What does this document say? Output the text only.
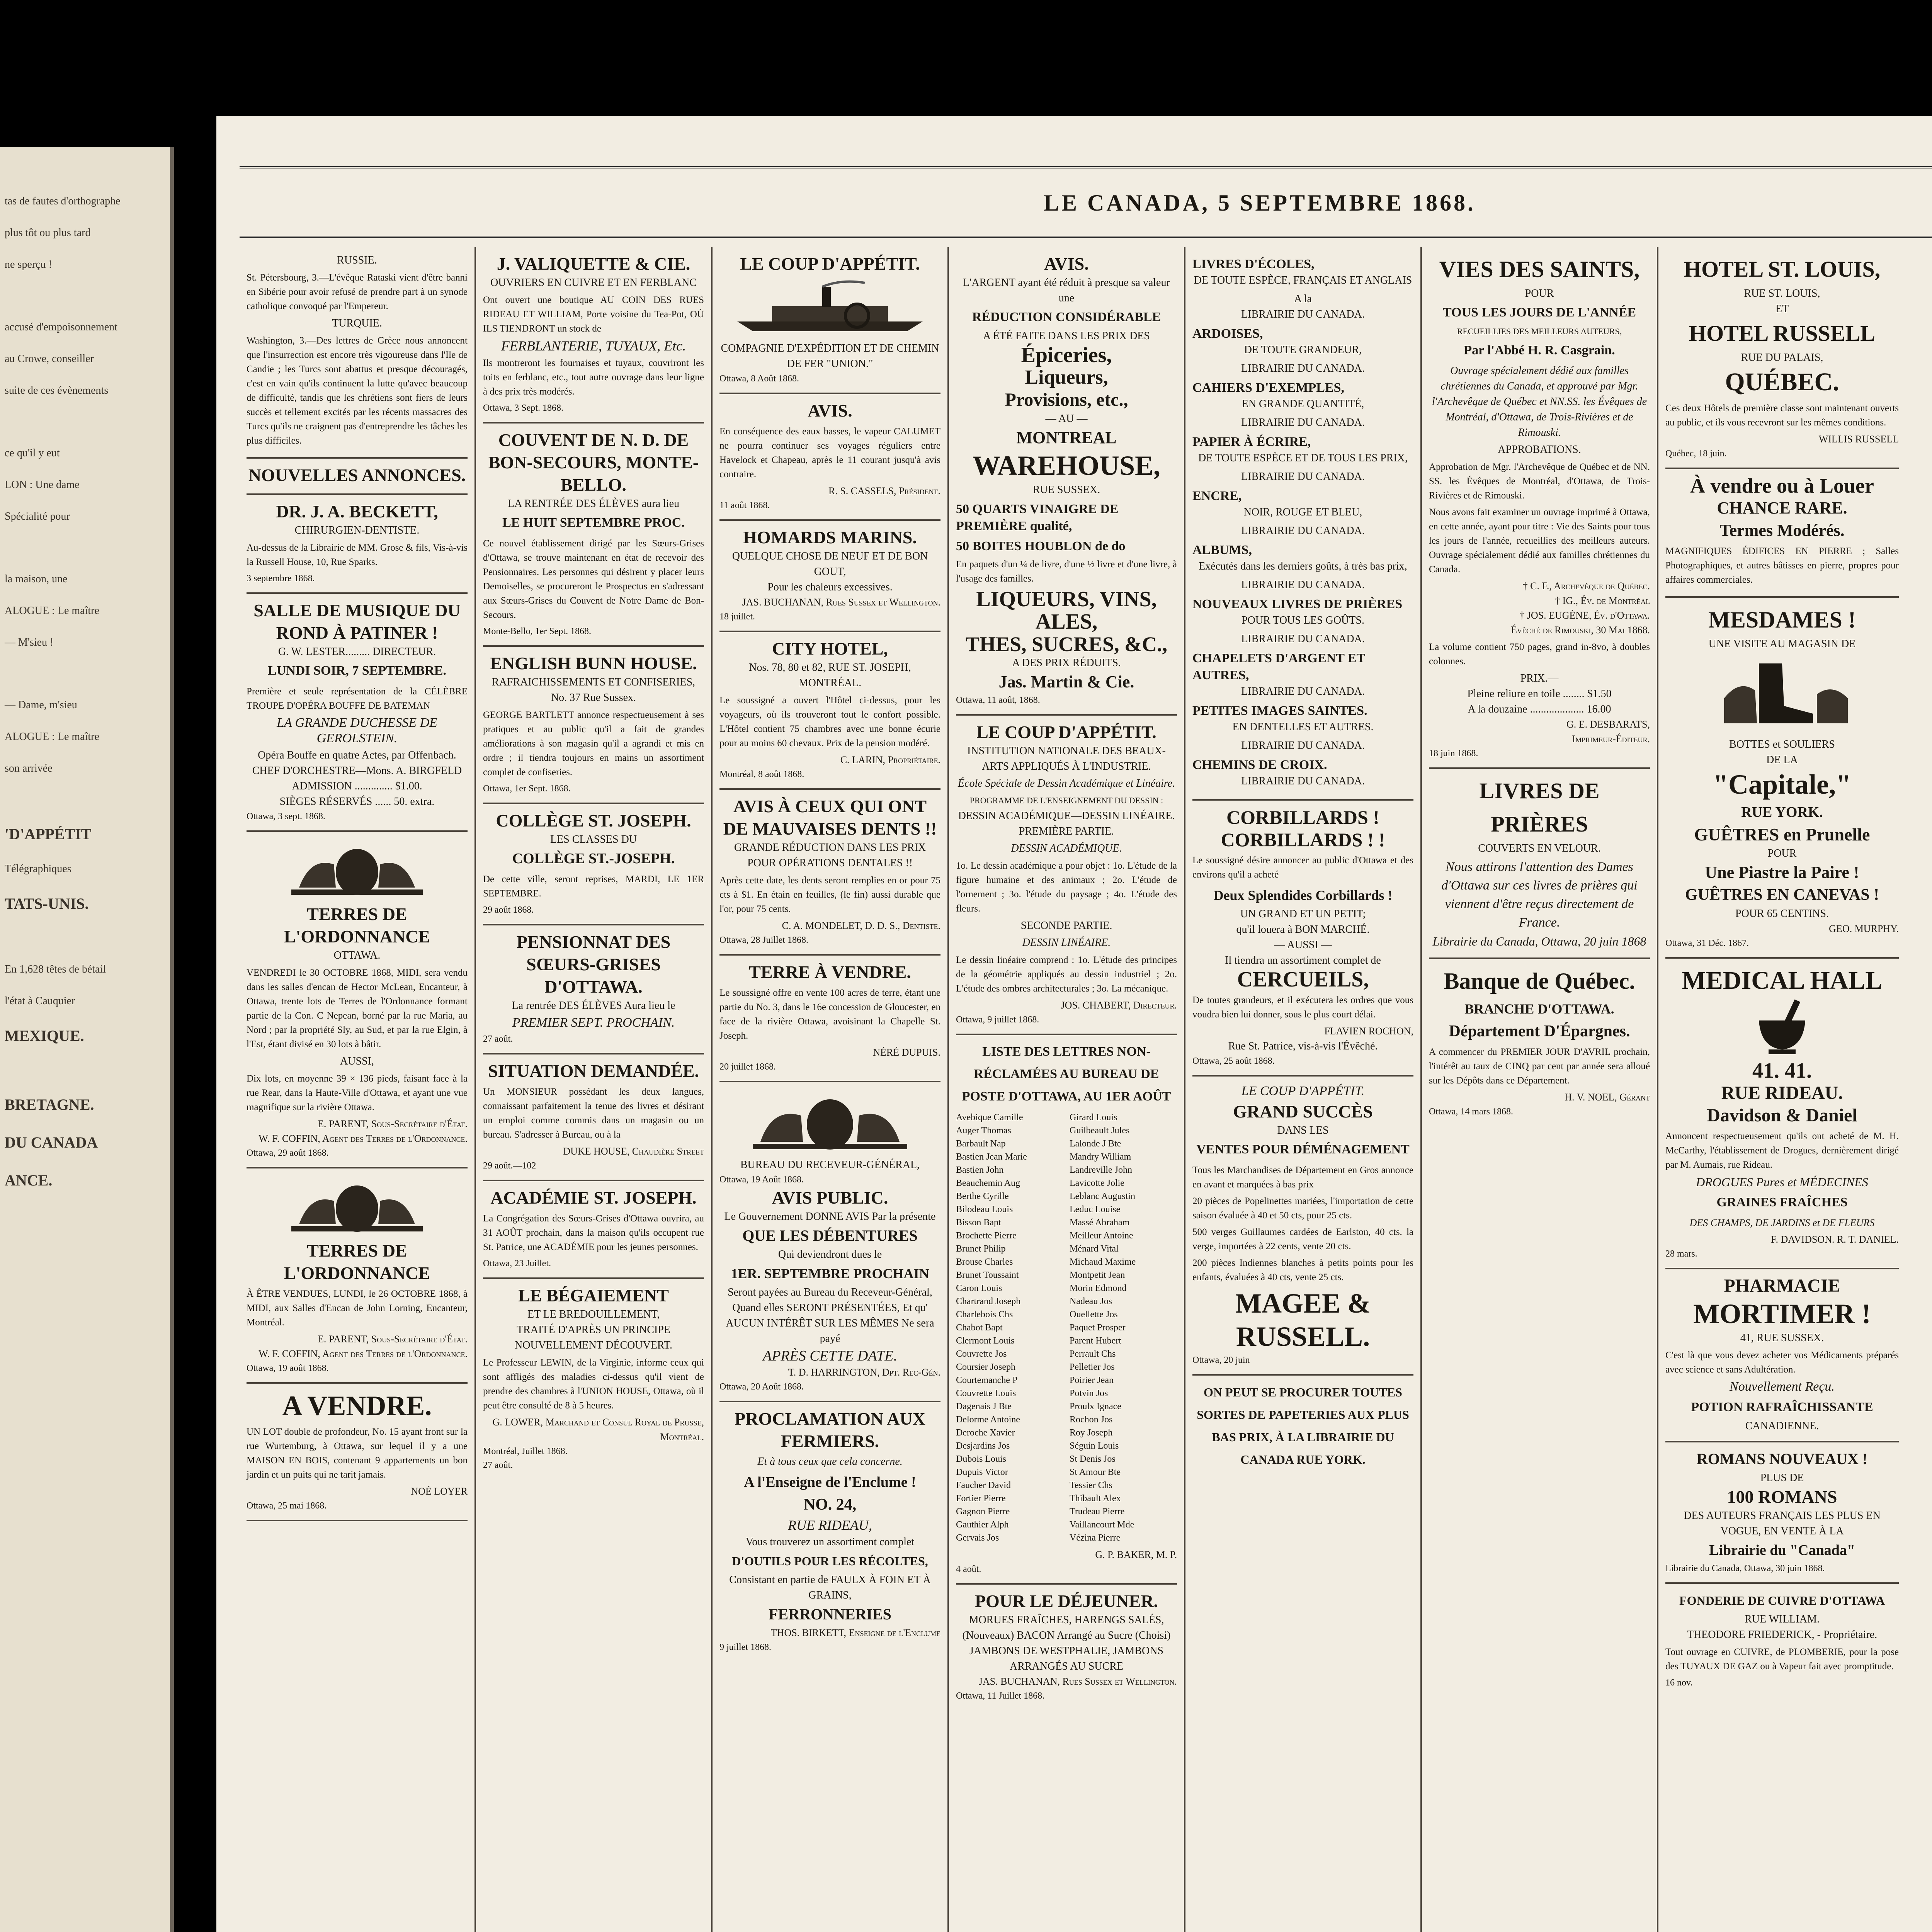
tas de fautes d'orthographe
plus tôt ou plus tard
ne sperçu !
accusé d'empoisonnement
au Crowe, conseiller
suite de ces évènements
ce qu'il y eut
LON : Une dame
Spécialité pour
la maison, une
ALOGUE : Le maître
— M'sieu !
— Dame, m'sieu
ALOGUE : Le maître
son arrivée
'D'APPÉTIT
Télégraphiques
TATS-UNIS.
En 1,628 têtes de bétail
l'état à Cauquier
MEXIQUE.
BRETAGNE.
DU CANADA
ANCE.
LE CANADA, 5 SEPTEMBRE 1868.
RUSSIE.
St. Pétersbourg, 3.—L'évêque Rataski vient d'être banni en Sibérie pour avoir refusé de prendre part à un synode catholique convoqué par l'Empereur.
TURQUIE.
Washington, 3.—Des lettres de Grèce nous annoncent que l'insurrection est encore très vigoureuse dans l'Ile de Candie ; les Turcs sont abattus et presque découragés, c'est en vain qu'ils continuent la lutte qu'avec beaucoup de difficulté, tandis que les chrétiens sont fiers de leurs succès et tellement excités par les récents massacres des Turcs qu'ils ne craignent pas d'entreprendre les tâches les plus difficiles.
NOUVELLES ANNONCES.
DR. J. A. BECKETT,
CHIRURGIEN-DENTISTE.
Au-dessus de la Librairie de MM. Grose & fils, Vis-à-vis la Russell House, 10, Rue Sparks.
3 septembre 1868.
SALLE DE MUSIQUE DU ROND À PATINER !
G. W. LESTER......... DIRECTEUR.
LUNDI SOIR, 7 SEPTEMBRE.
Première et seule représentation de la CÉLÈBRE TROUPE D'OPÉRA BOUFFE DE BATEMAN
LA GRANDE DUCHESSE DE GEROLSTEIN.
Opéra Bouffe en quatre Actes, par Offenbach.
CHEF D'ORCHESTRE—Mons. A. BIRGFELD
ADMISSION .............. $1.00.
SIÈGES RÉSERVÉS ...... 50. extra.
Ottawa, 3 sept. 1868.
TERRES DE L'ORDONNANCE
OTTAWA.
VENDREDI le 30 OCTOBRE 1868, MIDI, sera vendu dans les salles d'encan de Hector McLean, Encanteur, à Ottawa, trente lots de Terres de l'Ordonnance formant partie de la Con. C Nepean, borné par la rue Maria, au Nord ; par la propriété Sly, au Sud, et par la rue Elgin, à l'Est, étant divisé en 30 lots à bâtir.
AUSSI,
Dix lots, en moyenne 39 × 136 pieds, faisant face à la rue Rear, dans la Haute-Ville d'Ottawa, et ayant une vue magnifique sur la rivière Ottawa.
E. PARENT, Sous-Secrétaire d'État.
W. F. COFFIN, Agent des Terres de l'Ordonnance.
Ottawa, 29 août 1868.
TERRES DE L'ORDONNANCE
À ÊTRE VENDUES, LUNDI, le 26 OCTOBRE 1868, à MIDI, aux Salles d'Encan de John Lorning, Encanteur, Montréal.
E. PARENT, Sous-Secrétaire d'État.
W. F. COFFIN, Agent des Terres de l'Ordonnance.
Ottawa, 19 août 1868.
A VENDRE.
UN LOT double de profondeur, No. 15 ayant front sur la rue Wurtemburg, à Ottawa, sur lequel il y a une MAISON EN BOIS, contenant 9 appartements un bon jardin et un puits qui ne tarit jamais.
NOÉ LOYER
Ottawa, 25 mai 1868.
J. VALIQUETTE & CIE.
OUVRIERS EN CUIVRE ET EN FERBLANC
Ont ouvert une boutique AU COIN DES RUES RIDEAU ET WILLIAM, Porte voisine du Tea-Pot, OÙ ILS TIENDRONT un stock de
FERBLANTERIE, TUYAUX, Etc.
Ils montreront les fournaises et tuyaux, couvriront les toits en ferblanc, etc., tout autre ouvrage dans leur ligne à des prix très modérés.
Ottawa, 3 Sept. 1868.
COUVENT DE N. D. DE BON-SECOURS, MONTE-BELLO.
LA RENTRÉE DES ÉLÈVES aura lieu
LE HUIT SEPTEMBRE PROC.
Ce nouvel établissement dirigé par les Sœurs-Grises d'Ottawa, se trouve maintenant en état de recevoir des Pensionnaires. Les personnes qui désirent y placer leurs Demoiselles, se procureront le Prospectus en s'adressant aux Sœurs-Grises du Couvent de Notre Dame de Bon-Secours.
Monte-Bello, 1er Sept. 1868.
ENGLISH BUNN HOUSE.
RAFRAICHISSEMENTS ET CONFISERIES, No. 37 Rue Sussex.
GEORGE BARTLETT annonce respectueusement à ses pratiques et au public qu'il a fait de grandes améliorations à son magasin qu'il a agrandi et mis en ordre ; il tiendra toujours en mains un assortiment complet de confiseries.
Ottawa, 1er Sept. 1868.
COLLÈGE ST. JOSEPH.
LES CLASSES DU
COLLÈGE ST.-JOSEPH.
De cette ville, seront reprises, MARDI, LE 1ER SEPTEMBRE.
29 août 1868.
PENSIONNAT DES SŒURS-GRISES D'OTTAWA.
La rentrée DES ÉLÈVES Aura lieu le
PREMIER SEPT. PROCHAIN.
27 août.
SITUATION DEMANDÉE.
Un MONSIEUR possédant les deux langues, connaissant parfaitement la tenue des livres et désirant un emploi comme commis dans un magasin ou un bureau. S'adresser à Bureau, ou à la
DUKE HOUSE, Chaudière Street
29 août.—102
ACADÉMIE ST. JOSEPH.
La Congrégation des Sœurs-Grises d'Ottawa ouvrira, au 31 AOÛT prochain, dans la maison qu'ils occupent rue St. Patrice, une ACADÉMIE pour les jeunes personnes.
Ottawa, 23 Juillet.
LE BÉGAIEMENT
ET LE BREDOUILLEMENT,
TRAITÉ D'APRÈS UN PRINCIPE NOUVELLEMENT DÉCOUVERT.
Le Professeur LEWIN, de la Virginie, informe ceux qui sont affligés des maladies ci-dessus qu'il vient de prendre des chambres à l'UNION HOUSE, Ottawa, où il peut être consulté de 8 à 5 heures.
G. LOWER, Marchand et Consul Royal de Prusse, Montréal.
Montréal, Juillet 1868.
27 août.
LE COUP D'APPÉTIT.
COMPAGNIE D'EXPÉDITION ET DE CHEMIN DE FER "UNION."
Ottawa, 8 Août 1868.
AVIS.
En conséquence des eaux basses, le vapeur CALUMET ne pourra continuer ses voyages réguliers entre Havelock et Chapeau, après le 11 courant jusqu'à avis contraire.
R. S. CASSELS, Président.
11 août 1868.
HOMARDS MARINS.
QUELQUE CHOSE DE NEUF ET DE BON GOUT,
Pour les chaleurs excessives.
JAS. BUCHANAN, Rues Sussex et Wellington.
18 juillet.
CITY HOTEL,
Nos. 78, 80 et 82, RUE ST. JOSEPH, MONTRÉAL.
Le soussigné a ouvert l'Hôtel ci-dessus, pour les voyageurs, où ils trouveront tout le confort possible. L'Hôtel contient 75 chambres avec une bonne écurie pour au moins 60 chevaux. Prix de la pension modéré.
C. LARIN, Propriétaire.
Montréal, 8 août 1868.
AVIS À CEUX QUI ONT DE MAUVAISES DENTS !!
GRANDE RÉDUCTION DANS LES PRIX POUR OPÉRATIONS DENTALES !!
Après cette date, les dents seront remplies en or pour 75 cts à $1. En étain en feuilles, (le fin) aussi durable que l'or, pour 75 cents.
C. A. MONDELET, D. D. S., Dentiste.
Ottawa, 28 Juillet 1868.
TERRE À VENDRE.
Le soussigné offre en vente 100 acres de terre, étant une partie du No. 3, dans le 16e concession de Gloucester, en face de la rivière Ottawa, avoisinant la Chapelle St. Joseph.
NÉRÉ DUPUIS.
20 juillet 1868.
BUREAU DU RECEVEUR-GÉNÉRAL,
Ottawa, 19 Août 1868.
AVIS PUBLIC.
Le Gouvernement DONNE AVIS Par la présente
QUE LES DÉBENTURES
Qui deviendront dues le
1ER. SEPTEMBRE PROCHAIN
Seront payées au Bureau du Receveur-Général, Quand elles SERONT PRÉSENTÉES, Et qu' AUCUN INTÉRÊT SUR LES MÊMES Ne sera payé
APRÈS CETTE DATE.
T. D. HARRINGTON, Dpt. Rec-Gén.
Ottawa, 20 Août 1868.
PROCLAMATION AUX FERMIERS.
Et à tous ceux que cela concerne.
A l'Enseigne de l'Enclume !
NO. 24,
RUE RIDEAU,
Vous trouverez un assortiment complet
D'OUTILS POUR LES RÉCOLTES,
Consistant en partie de FAULX À FOIN ET À GRAINS,
FERRONNERIES
THOS. BIRKETT, Enseigne de l'Enclume
9 juillet 1868.
AVIS.
L'ARGENT ayant été réduit à presque sa valeur une
RÉDUCTION CONSIDÉRABLE
A ÉTÉ FAITE DANS LES PRIX DES
Épiceries,
Liqueurs,
Provisions, etc.,
— AU —
MONTREAL
WAREHOUSE,
RUE SUSSEX.
50 QUARTS VINAIGRE DE PREMIÈRE qualité,
50 BOITES HOUBLON de do
En paquets d'un ¼ de livre, d'une ½ livre et d'une livre, à l'usage des familles.
LIQUEURS, VINS,
ALES,
THES, SUCRES, &C.,
A DES PRIX RÉDUITS.
Jas. Martin & Cie.
Ottawa, 11 août, 1868.
LE COUP D'APPÉTIT.
INSTITUTION NATIONALE DES BEAUX-ARTS APPLIQUÉS À L'INDUSTRIE.
École Spéciale de Dessin Académique et Linéaire.
PROGRAMME DE L'ENSEIGNEMENT DU DESSIN :
DESSIN ACADÉMIQUE—DESSIN LINÉAIRE.
PREMIÈRE PARTIE.
DESSIN ACADÉMIQUE.
1o. Le dessin académique a pour objet : 1o. L'étude de la figure humaine et des animaux ; 2o. L'étude de l'ornement ; 3o. l'étude du paysage ; 4o. L'étude des fleurs.
SECONDE PARTIE.
DESSIN LINÉAIRE.
Le dessin linéaire comprend : 1o. L'étude des principes de la géométrie appliqués au dessin industriel ; 2o. L'étude des ombres architecturales ; 3o. La mécanique.
JOS. CHABERT, Directeur.
Ottawa, 9 juillet 1868.
LISTE DES LETTRES NON-RÉCLAMÉES AU BUREAU DE POSTE D'OTTAWA, AU 1ER AOÛT
Avebique Camille
Auger Thomas
Barbault Nap
Bastien Jean Marie
Bastien John
Beauchemin Aug
Berthe Cyrille
Bilodeau Louis
Bisson Bapt
Brochette Pierre
Brunet Philip
Brouse Charles
Brunet Toussaint
Caron Louis
Chartrand Joseph
Charlebois Chs
Chabot Bapt
Clermont Louis
Couvrette Jos
Coursier Joseph
Courtemanche P
Couvrette Louis
Dagenais J Bte
Delorme Antoine
Deroche Xavier
Desjardins Jos
Dubois Louis
Dupuis Victor
Faucher David
Fortier Pierre
Gagnon Pierre
Gauthier Alph
Gervais Jos
Girard Louis
Guilbeault Jules
Lalonde J Bte
Mandry William
Landreville John
Lavicotte Jolie
Leblanc Augustin
Leduc Louise
Massé Abraham
Meilleur Antoine
Ménard Vital
Michaud Maxime
Montpetit Jean
Morin Edmond
Nadeau Jos
Ouellette Jos
Paquet Prosper
Parent Hubert
Perrault Chs
Pelletier Jos
Poirier Jean
Potvin Jos
Proulx Ignace
Rochon Jos
Roy Joseph
Séguin Louis
St Denis Jos
St Amour Bte
Tessier Chs
Thibault Alex
Trudeau Pierre
Vaillancourt Mde
Vézina Pierre
G. P. BAKER, M. P.
4 août.
POUR LE DÉJEUNER.
MORUES FRAÎCHES, HARENGS SALÉS, (Nouveaux) BACON Arrangé au Sucre (Choisi) JAMBONS DE WESTPHALIE, JAMBONS ARRANGÉS AU SUCRE
JAS. BUCHANAN, Rues Sussex et Wellington.
Ottawa, 11 Juillet 1868.
LIVRES D'ÉCOLES,
DE TOUTE ESPÈCE, FRANÇAIS ET ANGLAIS
A la
LIBRAIRIE DU CANADA.
ARDOISES,
DE TOUTE GRANDEUR,
LIBRAIRIE DU CANADA.
CAHIERS D'EXEMPLES,
EN GRANDE QUANTITÉ,
LIBRAIRIE DU CANADA.
PAPIER À ÉCRIRE,
DE TOUTE ESPÈCE ET DE TOUS LES PRIX,
LIBRAIRIE DU CANADA.
ENCRE,
NOIR, ROUGE ET BLEU,
LIBRAIRIE DU CANADA.
ALBUMS,
Exécutés dans les derniers goûts, à très bas prix,
LIBRAIRIE DU CANADA.
NOUVEAUX LIVRES DE PRIÈRES
POUR TOUS LES GOÛTS.
LIBRAIRIE DU CANADA.
CHAPELETS D'ARGENT ET AUTRES,
LIBRAIRIE DU CANADA.
PETITES IMAGES SAINTES.
EN DENTELLES ET AUTRES.
LIBRAIRIE DU CANADA.
CHEMINS DE CROIX.
LIBRAIRIE DU CANADA.
CORBILLARDS ! CORBILLARDS ! !
Le soussigné désire annoncer au public d'Ottawa et des environs qu'il a acheté
Deux Splendides Corbillards !
UN GRAND ET UN PETIT;
qu'il louera à BON MARCHÉ.
— AUSSI —
Il tiendra un assortiment complet de
CERCUEILS,
De toutes grandeurs, et il exécutera les ordres que vous voudra bien lui donner, sous le plus court délai.
FLAVIEN ROCHON,
Rue St. Patrice, vis-à-vis l'Évêché.
Ottawa, 25 août 1868.
LE COUP D'APPÉTIT.
GRAND SUCCÈS
DANS LES
VENTES POUR DÉMÉNAGEMENT
Tous les Marchandises de Département en Gros annonce en avant et marquées à bas prix
20 pièces de Popelinettes mariées, l'importation de cette saison évaluée à 40 et 50 cts, pour 25 cts.
500 verges Guillaumes cardées de Earlston, 40 cts. la verge, importées à 22 cents, vente 20 cts.
200 pièces Indiennes blanches à petits points pour les enfants, évaluées à 40 cts, vente 25 cts.
MAGEE & RUSSELL.
Ottawa, 20 juin
ON PEUT SE PROCURER TOUTES SORTES DE PAPETERIES AUX PLUS BAS PRIX, À LA LIBRAIRIE DU CANADA RUE YORK.
VIES DES SAINTS,
POUR
TOUS LES JOURS DE L'ANNÉE
RECUEILLIES DES MEILLEURS AUTEURS,
Par l'Abbé H. R. Casgrain.
Ouvrage spécialement dédié aux familles chrétiennes du Canada, et approuvé par Mgr. l'Archevêque de Québec et NN.SS. les Évêques de Montréal, d'Ottawa, de Trois-Rivières et de Rimouski.
APPROBATIONS.
Approbation de Mgr. l'Archevêque de Québec et de NN. SS. les Évêques de Montréal, d'Ottawa, de Trois-Rivières et de Rimouski.
Nous avons fait examiner un ouvrage imprimé à Ottawa, en cette année, ayant pour titre : Vie des Saints pour tous les jours de l'année, recueillies des meilleurs auteurs. Ouvrage spécialement dédié aux familles chrétiennes du Canada.
† C. F., Archevêque de Québec.
† IG., Év. de Montréal
† JOS. EUGÈNE, Év. d'Ottawa.
Évêché de Rimouski, 30 Mai 1868.
La volume contient 750 pages, grand in-8vo, à doubles colonnes.
PRIX.—
Pleine reliure en toile ........ $1.50
A la douzaine .................... 16.00
G. E. DESBARATS,
Imprimeur-Éditeur.
18 juin 1868.
LIVRES DE PRIÈRES
COUVERTS EN VELOUR.
Nous attirons l'attention des Dames d'Ottawa sur ces livres de prières qui viennent d'être reçus directement de France.
Librairie du Canada, Ottawa, 20 juin 1868
Banque de Québec.
BRANCHE D'OTTAWA.
Département D'Épargnes.
A commencer du PREMIER JOUR D'AVRIL prochain, l'intérêt au taux de CINQ par cent par année sera alloué sur les Dépôts dans ce Département.
H. V. NOEL, Gérant
Ottawa, 14 mars 1868.
HOTEL ST. LOUIS,
RUE ST. LOUIS,
ET
HOTEL RUSSELL
RUE DU PALAIS,
QUÉBEC.
Ces deux Hôtels de première classe sont maintenant ouverts au public, et ils vous recevront sur les mêmes conditions.
WILLIS RUSSELL
Québec, 18 juin.
À vendre ou à Louer
CHANCE RARE.
Termes Modérés.
MAGNIFIQUES ÉDIFICES EN PIERRE ; Salles Photographiques, et autres bâtisses en pierre, propres pour affaires commerciales.
MESDAMES !
UNE VISITE AU MAGASIN DE
BOTTES et SOULIERS
DE LA
"Capitale,"
RUE YORK.
GUÊTRES en Prunelle
POUR
Une Piastre la Paire !
GUÊTRES EN CANEVAS !
POUR 65 CENTINS.
GEO. MURPHY.
Ottawa, 31 Déc. 1867.
MEDICAL HALL
41. 41.
RUE RIDEAU.
Davidson & Daniel
Annoncent respectueusement qu'ils ont acheté de M. H. McCarthy, l'établissement de Drogues, dernièrement dirigé par M. Aumais, rue Rideau.
DROGUES Pures et MÉDECINES
GRAINES FRAÎCHES
DES CHAMPS, DE JARDINS et DE FLEURS
F. DAVIDSON. R. T. DANIEL.
28 mars.
PHARMACIE
MORTIMER !
41, RUE SUSSEX.
C'est là que vous devez acheter vos Médicaments préparés avec science et sans Adultération.
Nouvellement Reçu.
POTION RAFRAÎCHISSANTE
CANADIENNE.
ROMANS NOUVEAUX !
PLUS DE
100 ROMANS
DES AUTEURS FRANÇAIS LES PLUS EN VOGUE, EN VENTE À LA
Librairie du "Canada"
Librairie du Canada, Ottawa, 30 juin 1868.
FONDERIE DE CUIVRE D'OTTAWA
RUE WILLIAM.
THEODORE FRIEDERICK, - Propriétaire.
Tout ouvrage en CUIVRE, de PLOMBERIE, pour la pose des TUYAUX DE GAZ ou à Vapeur fait avec promptitude.
16 nov.
